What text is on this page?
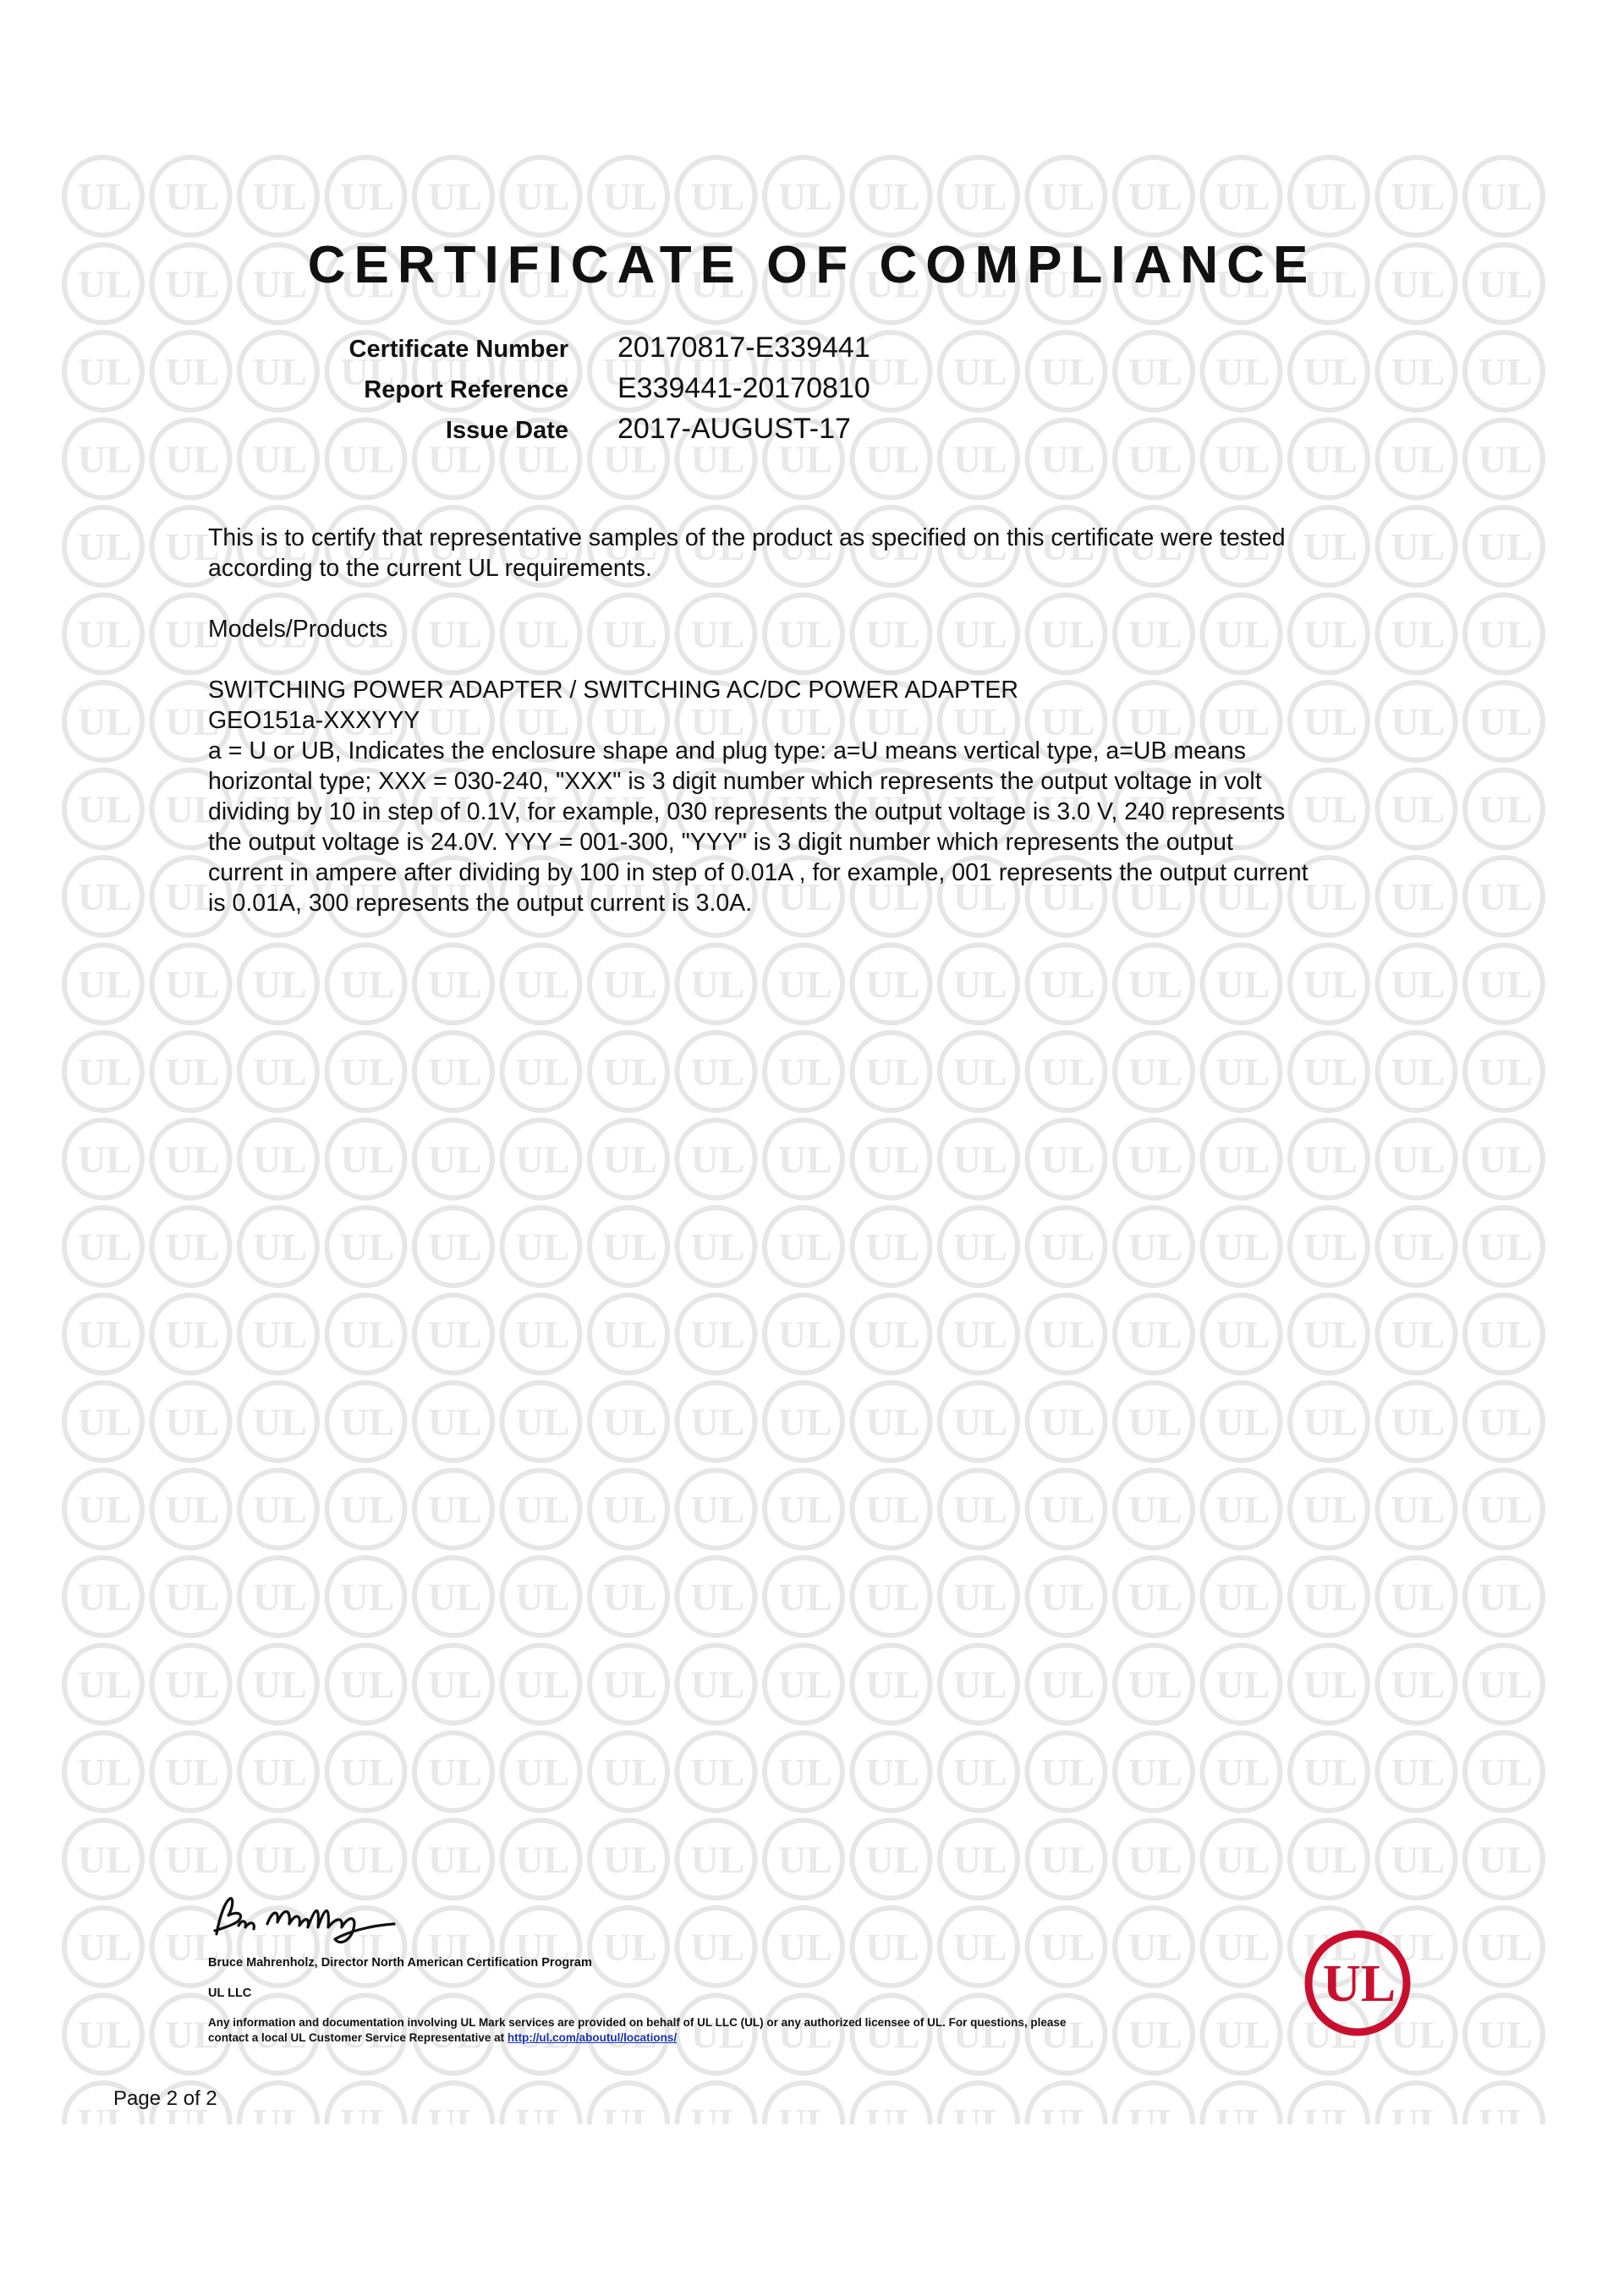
CERTIFICATE OF COMPLIANCE
Certificate Number	20170817-E339441
Report Reference	E339441-20170810
Issue Date	2017-AUGUST-17

This is to certify that representative samples of the product as specified on this certificate were tested
according to the current UL requirements.

Models/Products

SWITCHING POWER ADAPTER / SWITCHING AC/DC POWER ADAPTER
GEO151a-XXXYYY
a = U or UB, Indicates the enclosure shape and plug type: a=U means vertical type, a=UB means
horizontal type; XXX = 030-240, "XXX" is 3 digit number which represents the output voltage in volt
dividing by 10 in step of 0.1V, for example, 030 represents the output voltage is 3.0 V, 240 represents
the output voltage is 24.0V. YYY = 001-300, "YYY" is 3 digit number which represents the output
current in ampere after dividing by 100 in step of 0.01A , for example, 001 represents the output current
is 0.01A, 300 represents the output current is 3.0A.
Bruce Mahrenholz, Director North American Certification Program
UL LLC
Any information and documentation involving UL Mark services are provided on behalf of UL LLC (UL) or any authorized licensee of UL. For questions, please
contact a local UL Customer Service Representative at http://ul.com/aboutul/locations/
UL
Page 2 of 2
